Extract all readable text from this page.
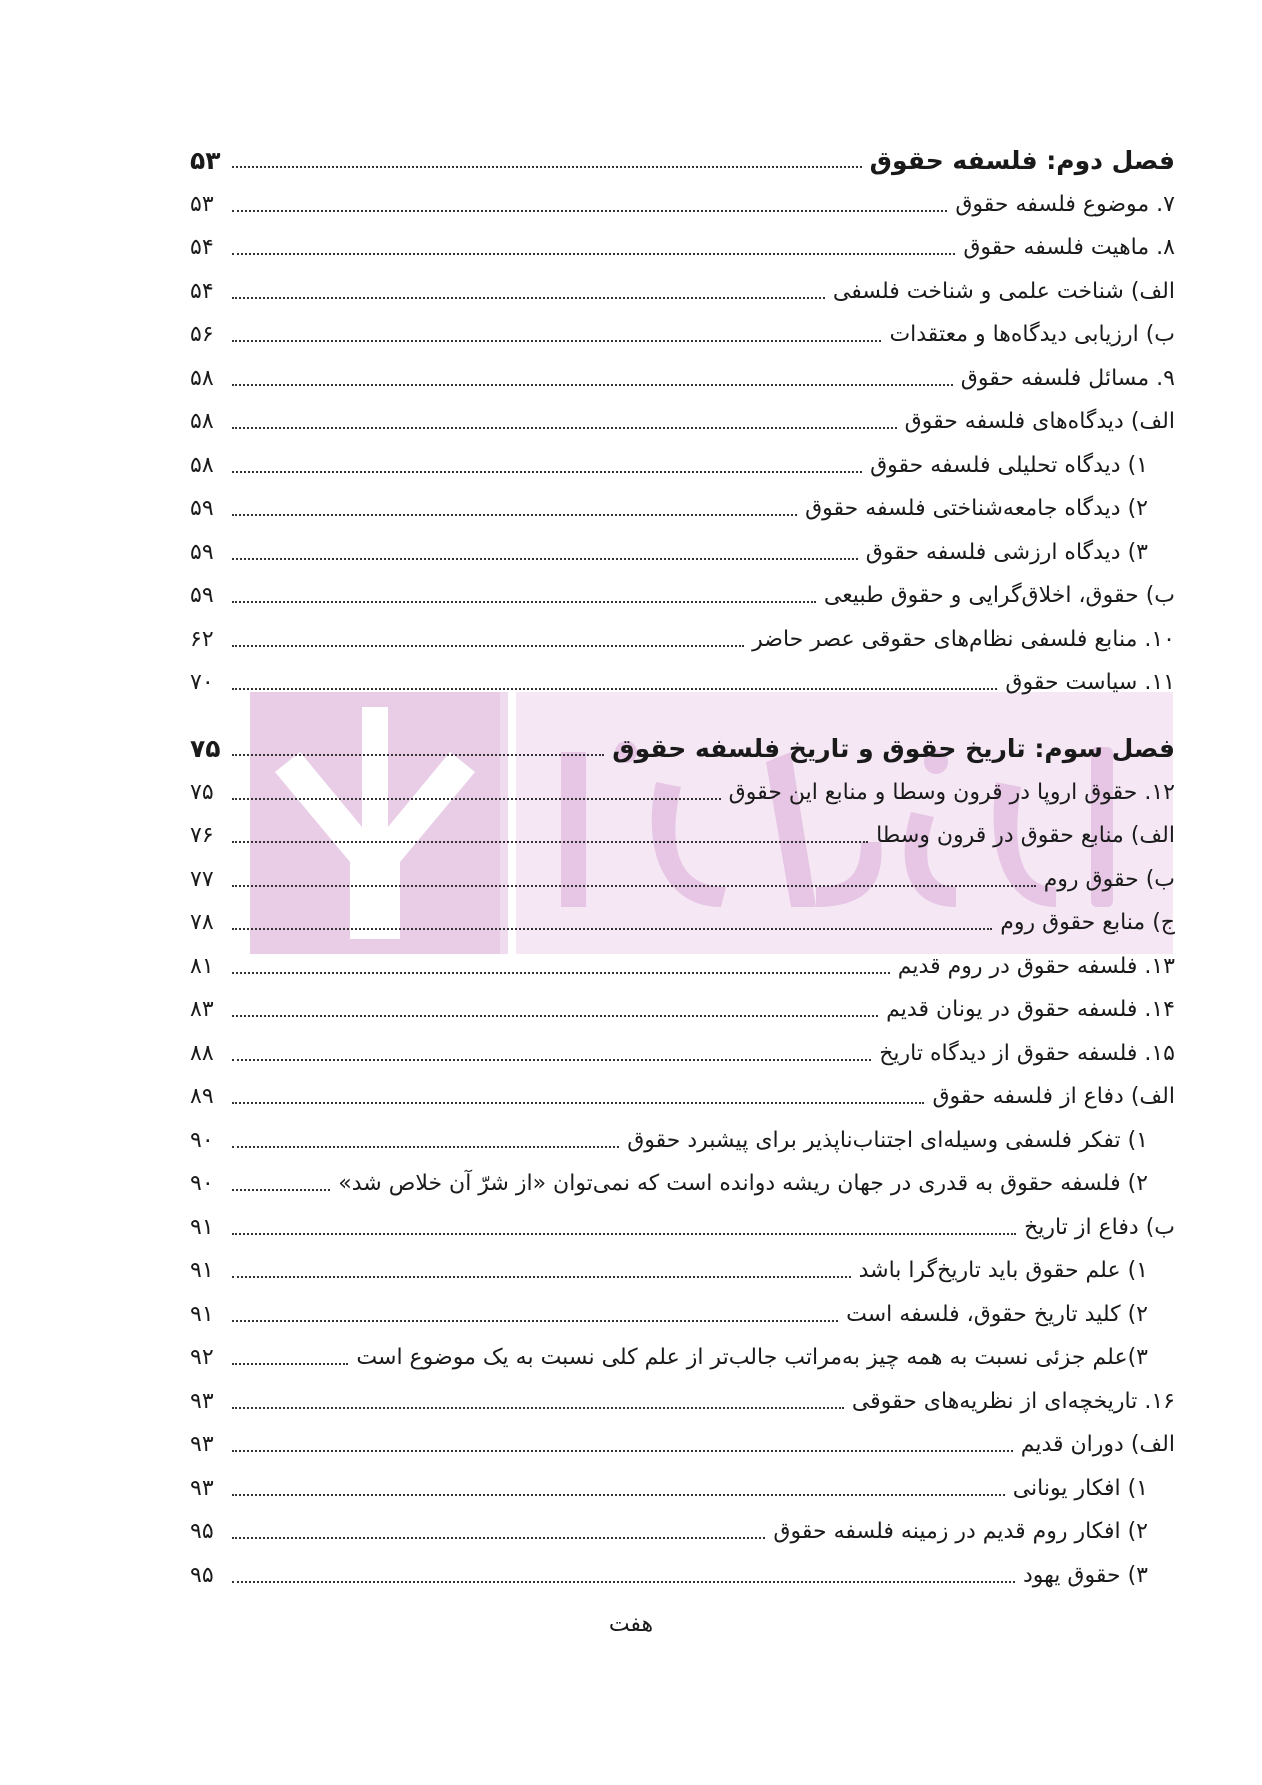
فصل دوم: فلسفه حقوق
۵۳
۷. موضوع فلسفه حقوق
۵۳
۸. ماهیت فلسفه حقوق
۵۴
الف) شناخت علمی و شناخت فلسفی
۵۴
ب) ارزیابی دیدگاه‌ها و معتقدات
۵۶
۹. مسائل فلسفه حقوق
۵۸
الف) دیدگاه‌های فلسفه حقوق
۵۸
۱) دیدگاه تحلیلی فلسفه حقوق
۵۸
۲) دیدگاه جامعه‌شناختی فلسفه حقوق
۵۹
۳) دیدگاه ارزشی فلسفه حقوق
۵۹
ب) حقوق، اخلاق‌گرایی و حقوق طبیعی
۵۹
۱۰. منابع فلسفی نظام‌های حقوقی عصر حاضر
۶۲
۱۱. سیاست حقوق
۷۰
فصل سوم: تاریخ حقوق و تاریخ فلسفه حقوق
۷۵
۱۲. حقوق اروپا در قرون وسطا و منابع این حقوق
۷۵
الف) منابع حقوق در قرون وسطا
۷۶
ب) حقوق روم
۷۷
ج) منابع حقوق روم
۷۸
۱۳. فلسفه حقوق در روم قدیم
۸۱
۱۴. فلسفه حقوق در یونان قدیم
۸۳
۱۵. فلسفه حقوق از دیدگاه تاریخ
۸۸
الف) دفاع از فلسفه حقوق
۸۹
۱) تفکر فلسفی وسیله‌ای اجتناب‌ناپذیر برای پیشبرد حقوق
۹۰
۲) فلسفه حقوق به قدری در جهان ریشه دوانده است که نمی‌توان «از شرّ آن خلاص شد»
۹۰
ب) دفاع از تاریخ
۹۱
۱) علم حقوق باید تاریخ‌گرا باشد
۹۱
۲) کلید تاریخ حقوق، فلسفه است
۹۱
۳)علم جزئی نسبت به همه چیز به‌مراتب جالب‌تر از علم کلی نسبت به یک موضوع است
۹۲
۱۶. تاریخچه‌ای از نظریه‌های حقوقی
۹۳
الف) دوران قدیم
۹۳
۱) افکار یونانی
۹۳
۲) افکار روم قدیم در زمینه فلسفه حقوق
۹۵
۳) حقوق یهود
۹۵
هفت
